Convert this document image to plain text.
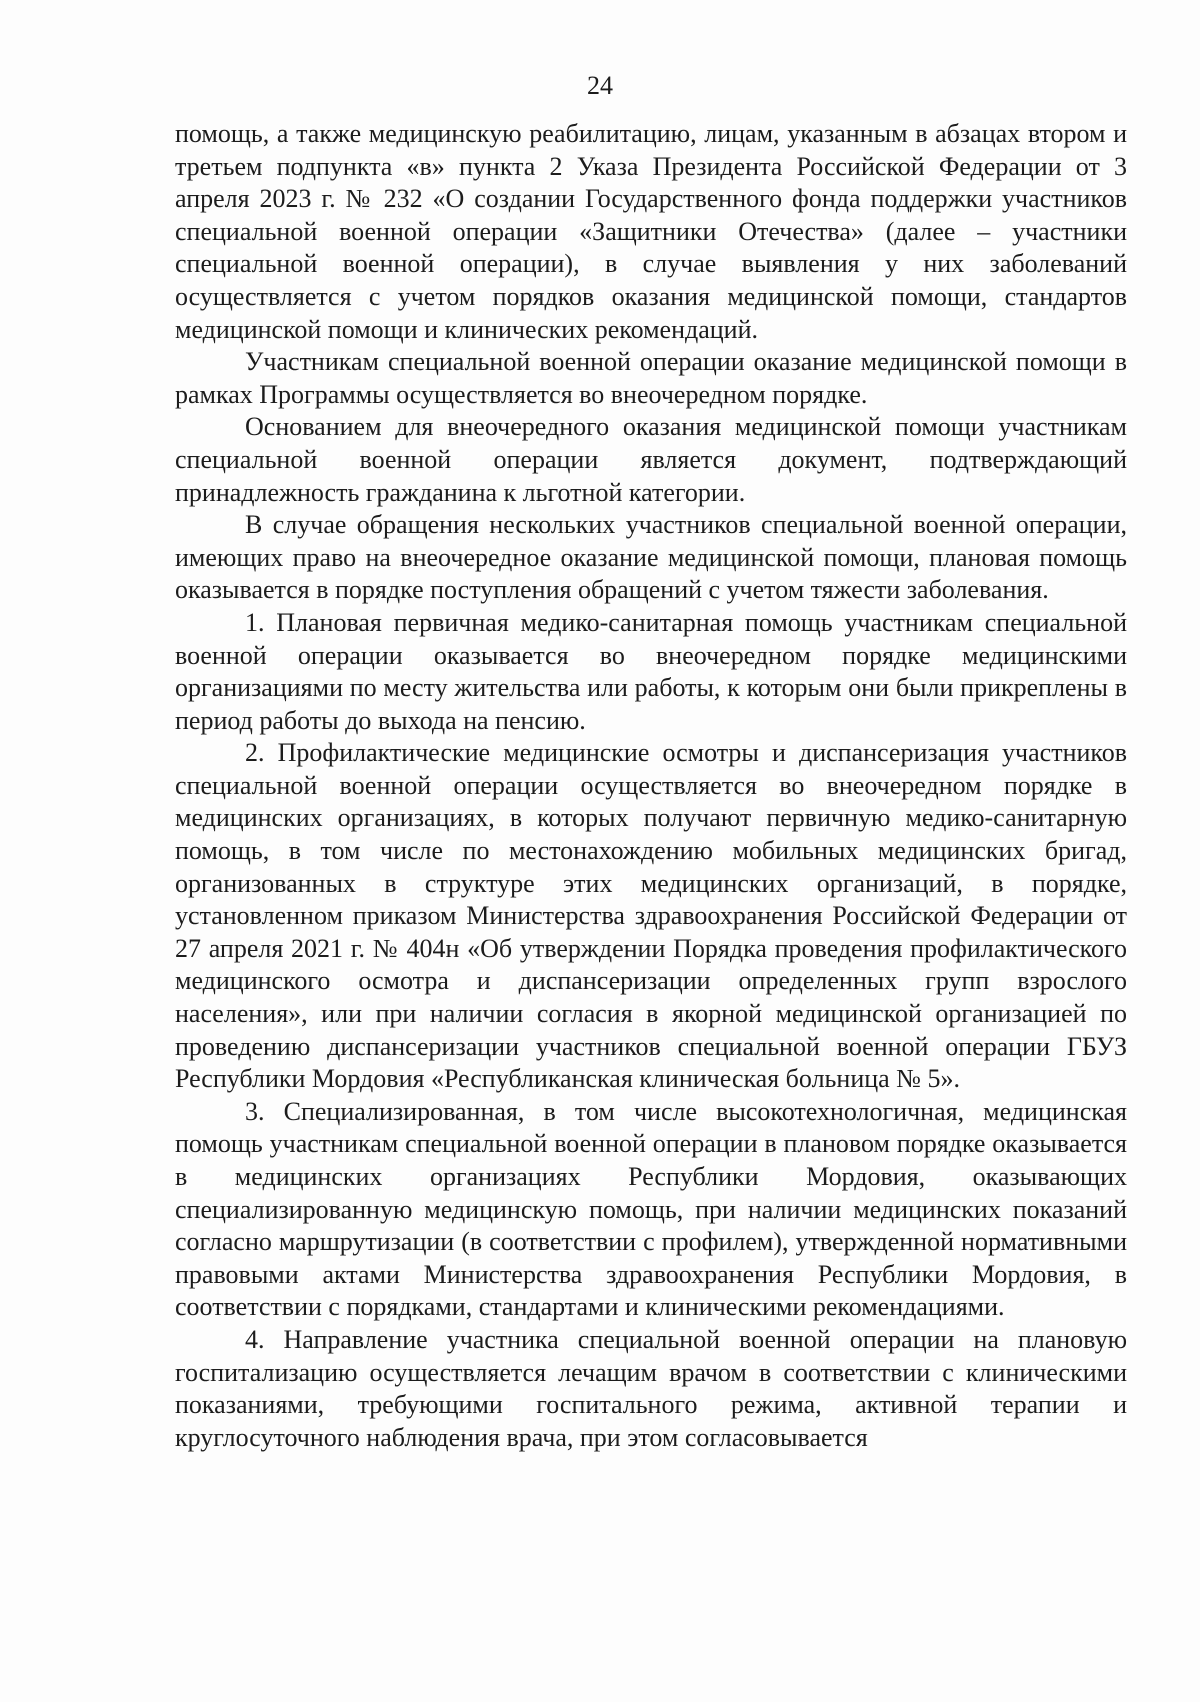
24

помощь, а также медицинскую реабилитацию, лицам, указанным в абзацах втором и третьем подпункта «в» пункта 2 Указа Президента Российской Федерации от 3 апреля 2023 г. № 232 «О создании Государственного фонда поддержки участников специальной военной операции «Защитники Отечества» (далее – участники специальной военной операции), в случае выявления у них заболеваний осуществляется с учетом порядков оказания медицинской помощи, стандартов медицинской помощи и клинических рекомендаций.

Участникам специальной военной операции оказание медицинской помощи в рамках Программы осуществляется во внеочередном порядке.

Основанием для внеочередного оказания медицинской помощи участникам специальной военной операции является документ, подтверждающий принадлежность гражданина к льготной категории.

В случае обращения нескольких участников специальной военной операции, имеющих право на внеочередное оказание медицинской помощи, плановая помощь оказывается в порядке поступления обращений с учетом тяжести заболевания.

1. Плановая первичная медико-санитарная помощь участникам специальной военной операции оказывается во внеочередном порядке медицинскими организациями по месту жительства или работы, к которым они были прикреплены в период работы до выхода на пенсию.

2. Профилактические медицинские осмотры и диспансеризация участников специальной военной операции осуществляется во внеочередном порядке в медицинских организациях, в которых получают первичную медико-санитарную помощь, в том числе по местонахождению мобильных медицинских бригад, организованных в структуре этих медицинских организаций, в порядке, установленном приказом Министерства здравоохранения Российской Федерации от 27 апреля 2021 г. № 404н «Об утверждении Порядка проведения профилактического медицинского осмотра и диспансеризации определенных групп взрослого населения», или при наличии согласия в якорной медицинской организацией по проведению диспансеризации участников специальной военной операции ГБУЗ Республики Мордовия «Республиканская клиническая больница № 5».

3. Специализированная, в том числе высокотехнологичная, медицинская помощь участникам специальной военной операции в плановом порядке оказывается в медицинских организациях Республики Мордовия, оказывающих специализированную медицинскую помощь, при наличии медицинских показаний согласно маршрутизации (в соответствии с профилем), утвержденной нормативными правовыми актами Министерства здравоохранения Республики Мордовия, в соответствии с порядками, стандартами и клиническими рекомендациями.

4. Направление участника специальной военной операции на плановую госпитализацию осуществляется лечащим врачом в соответствии с клиническими показаниями, требующими госпитального режима, активной терапии и круглосуточного наблюдения врача, при этом согласовывается
